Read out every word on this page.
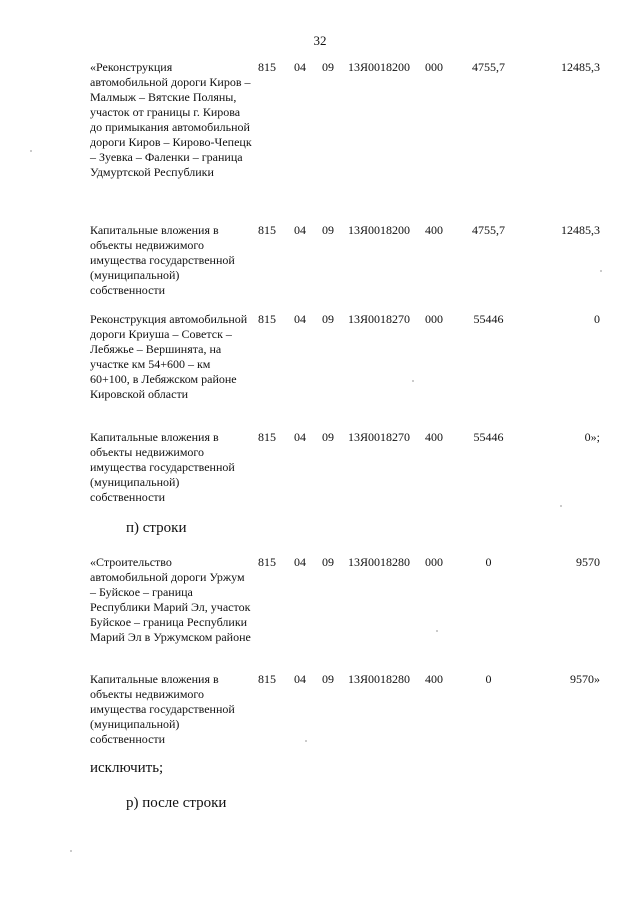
32
«Реконструкция автомобильной дороги Киров – Малмыж – Вятские Поляны, участок от границы г. Кирова до примыкания автомобильной дороги Киров – Кирово-Чепецк – Зуевка – Фаленки – граница Удмуртской Республики
815 04 09 13Я0018200 000	4755,7	12485,3
Капитальные вложения в объекты недвижимого имущества государственной (муниципальной) собственности
815 04 09 13Я0018200 400	4755,7	12485,3
Реконструкция автомобильной дороги Криуша – Советск – Лебяжье – Вершинята, на участке км 54+600 – км 60+100, в Лебяжском районе Кировской области
815 04 09 13Я0018270 000	55446	0
Капитальные вложения в объекты недвижимого имущества государственной (муниципальной) собственности
815 04 09 13Я0018270 400	55446	0»;
п) строки
«Строительство автомобильной дороги Уржум – Буйское – граница Республики Марий Эл, участок Буйское – граница Республики Марий Эл в Уржумском районе
815 04 09 13Я0018280 000	0	9570
Капитальные вложения в объекты недвижимого имущества государственной (муниципальной) собственности
815 04 09 13Я0018280 400	0	9570»
исключить;
р) после строки
